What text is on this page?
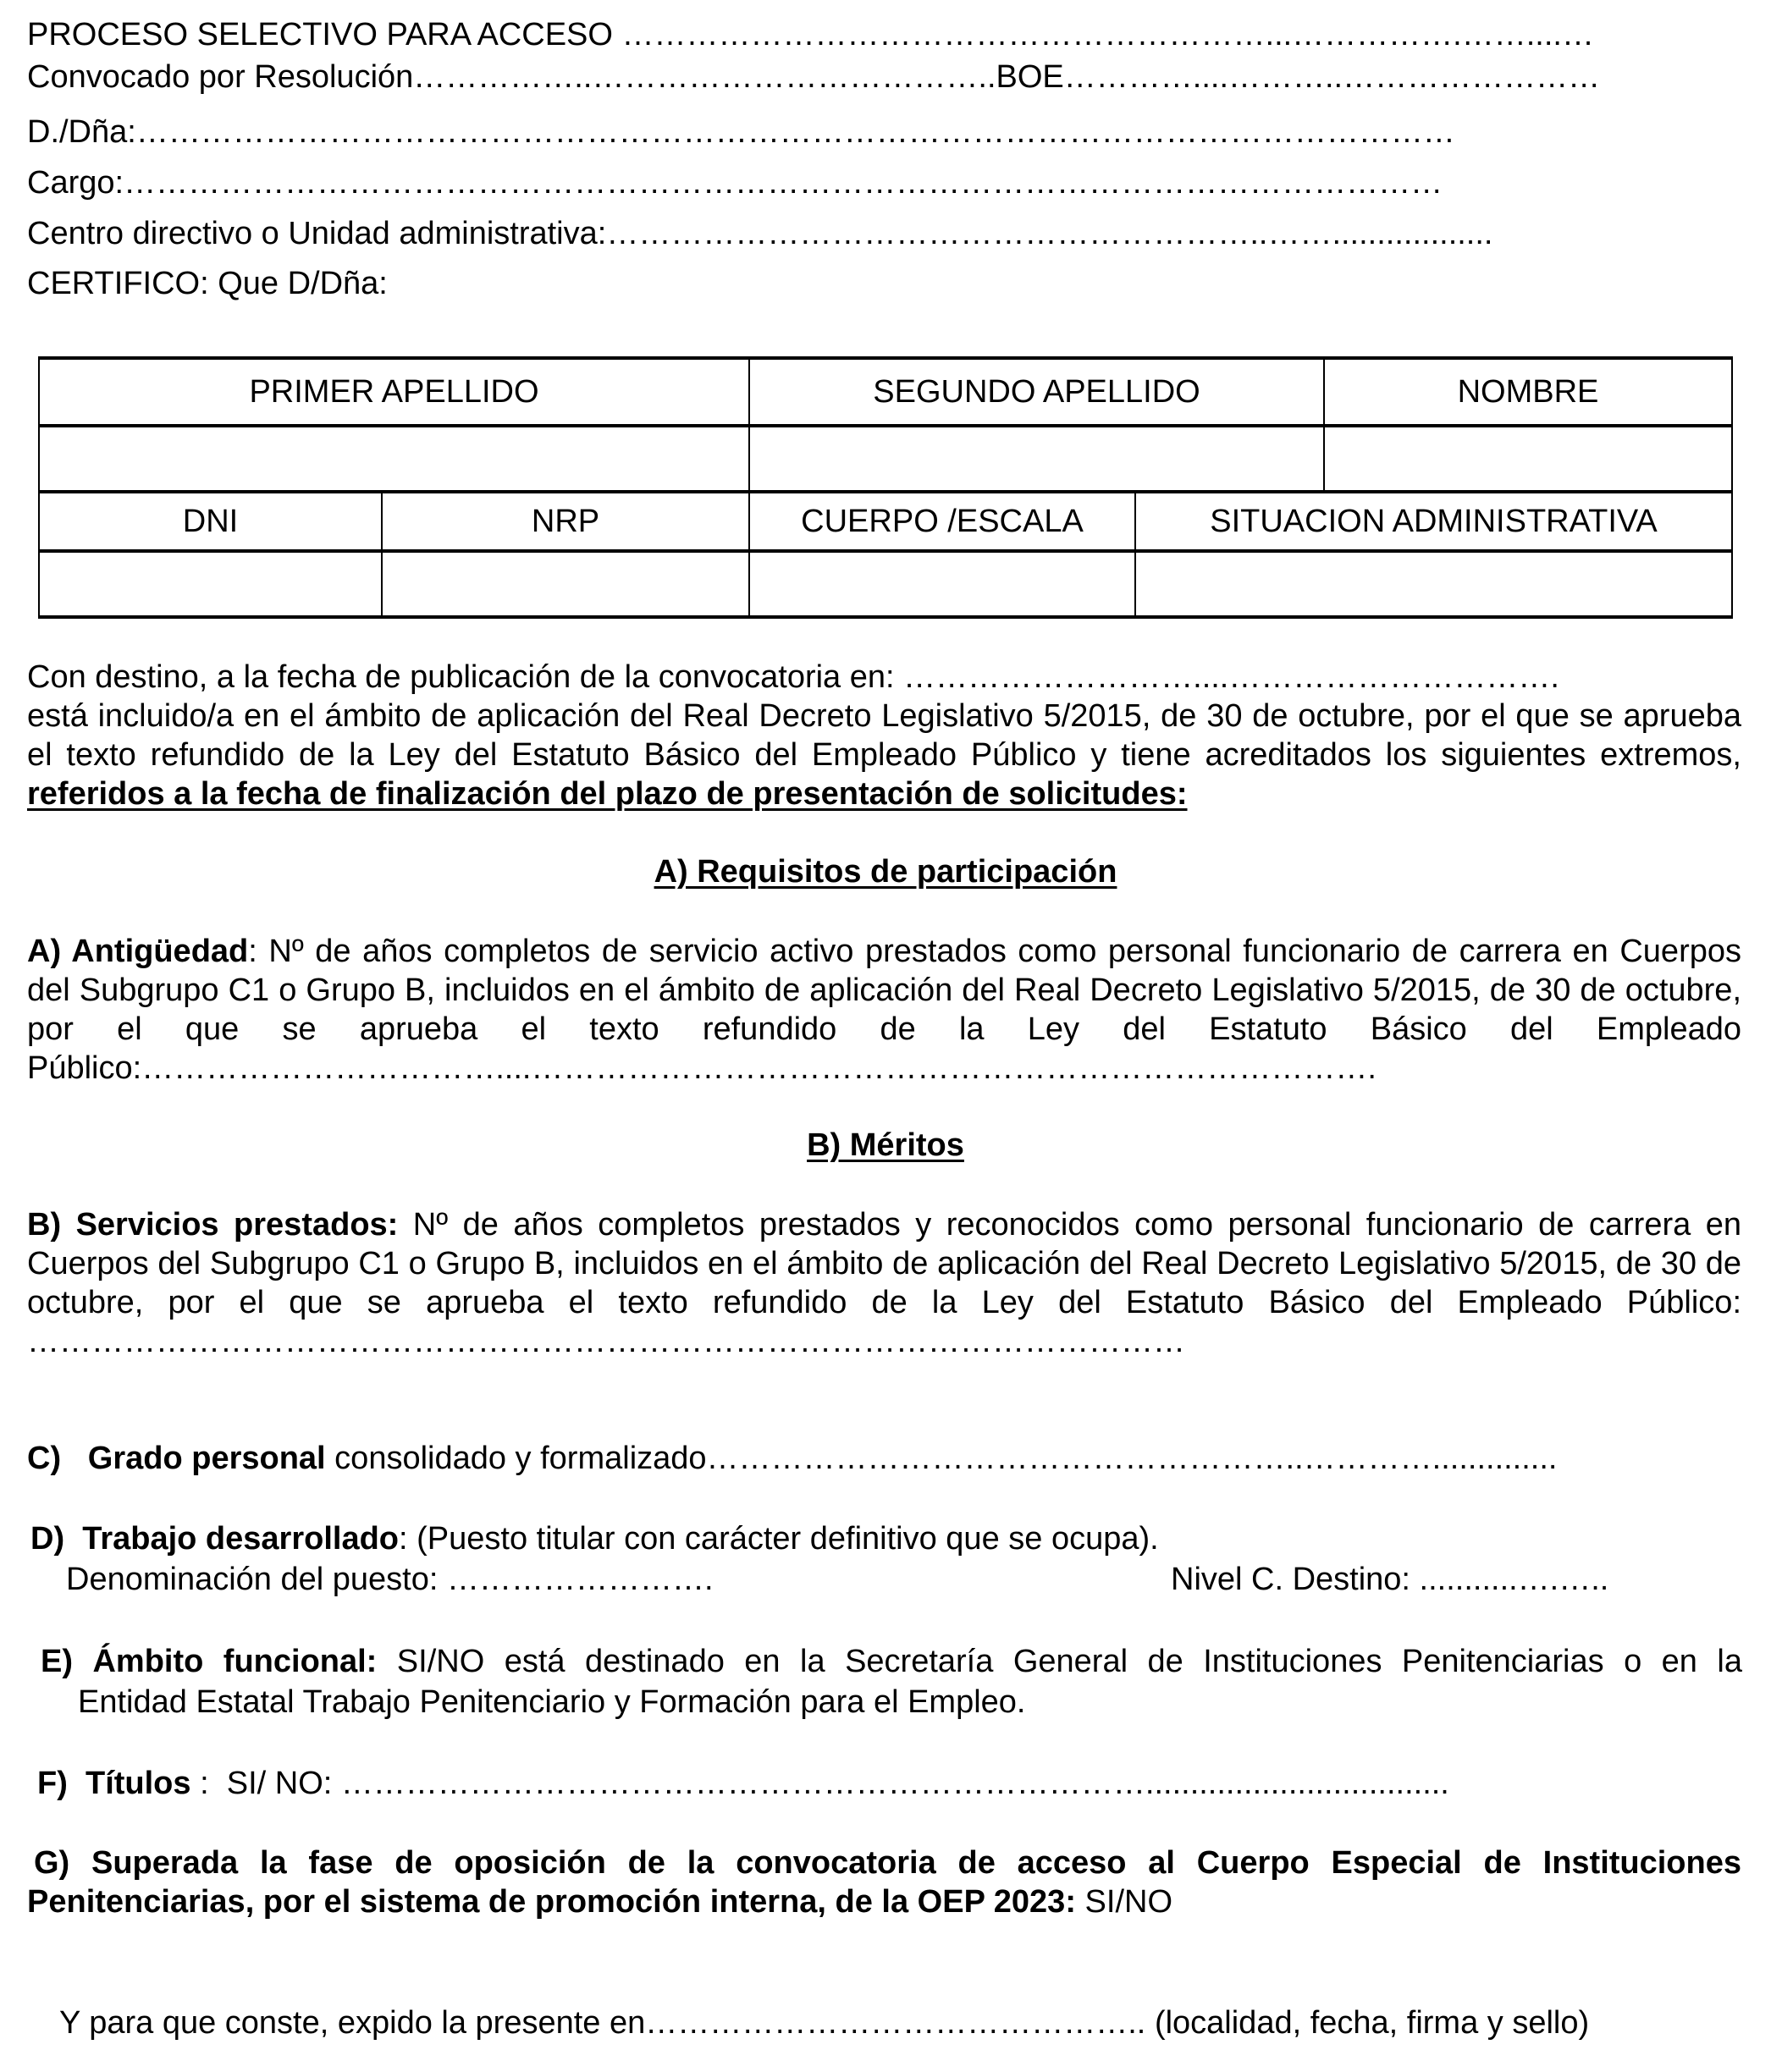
PROCESO SELECTIVO PARA ACCESO ……………………………………………………...…………….……....…
Convocado por Resolución……………..………………………………..BOE…………....………..……………………
D./Dña:……………………………………………………………………………………………………………
Cargo:……………………………………………………………………………………………………………
Centro directivo o Unidad administrativa:……………………………………………………..……..................
CERTIFICO: Que D/Dña:
PRIMER APELLIDO		SEGUNDO APELLIDO		NOMBRE

DNI	NRP	CUERPO /ESCALA	SITUACION ADMINISTRATIVA	

Con destino, a la fecha de publicación de la convocatoria en: ………………………....………………………….
está incluido/a en el ámbito de aplicación del Real Decreto Legislativo 5/2015, de 30 de octubre, por el que se aprueba el texto refundido de la Ley del Estatuto Básico del Empleado Público y tiene acreditados los siguientes extremos, referidos a la fecha de finalización del plazo de presentación de solicitudes:
A) Requisitos de participación
A) Antigüedad: Nº de años completos de servicio activo prestados como personal funcionario de carrera en Cuerpos del Subgrupo C1 o Grupo B, incluidos en el ámbito de aplicación del Real Decreto Legislativo 5/2015, de 30 de octubre, por el que se aprueba el texto refundido de la Ley del Estatuto Básico del Empleado Público:……………………………....…………………………………………………………………….
B) Méritos
B) Servicios prestados: Nº de años completos prestados y reconocidos como personal funcionario de carrera en Cuerpos del Subgrupo C1 o Grupo B, incluidos en el ámbito de aplicación del Real Decreto Legislativo 5/2015, de 30 de octubre, por el que se aprueba el texto refundido de la Ley del Estatuto Básico del Empleado Público: ………………………………………………………………………………………………
C)   Grado personal consolidado y formalizado………………………………………………..…………..............
D)  Trabajo desarrollado: (Puesto titular con carácter definitivo que se ocupa).
Denominación del puesto: …………………….	Nivel C. Destino: ...........….…..
E) Ámbito funcional: SI/NO está destinado en la Secretaría General de Instituciones Penitenciarias o en la
Entidad Estatal Trabajo Penitenciario y Formación para el Empleo.
F)  Títulos :  SI/ NO: …………………………………………………………………..................................
G) Superada la fase de oposición de la convocatoria de acceso al Cuerpo Especial de Instituciones Penitenciarias, por el sistema de promoción interna, de la OEP 2023: SI/NO
Y para que conste, expido la presente en……………………………………….. (localidad, fecha, firma y sello)
